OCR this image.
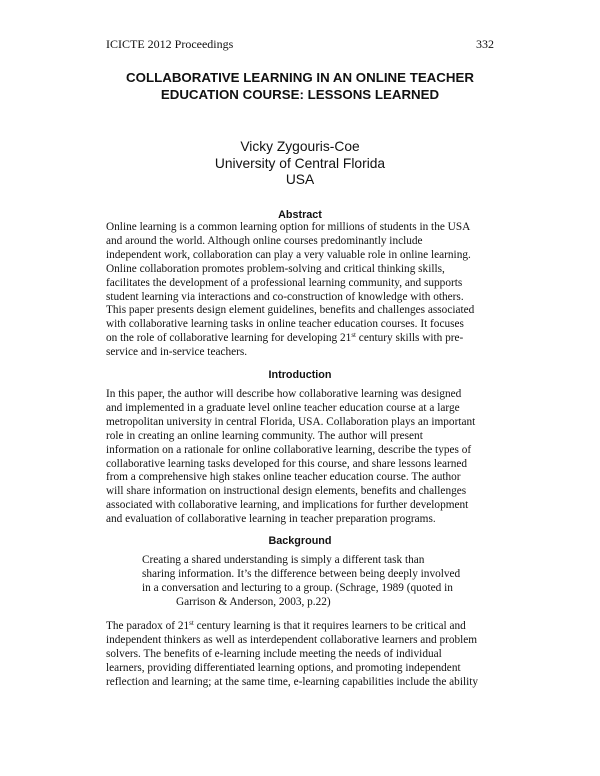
ICICTE 2012 Proceedings	332
COLLABORATIVE LEARNING IN AN ONLINE TEACHER
EDUCATION COURSE: LESSONS LEARNED
Vicky Zygouris-Coe
University of Central Florida
USA
Abstract
Online learning is a common learning option for millions of students in the USA
and around the world. Although online courses predominantly include
independent work, collaboration can play a very valuable role in online learning.
Online collaboration promotes problem-solving and critical thinking skills,
facilitates the development of a professional learning community, and supports
student learning via interactions and co-construction of knowledge with others.
This paper presents design element guidelines, benefits and challenges associated
with collaborative learning tasks in online teacher education courses. It focuses
on the role of collaborative learning for developing 21st century skills with pre-
service and in-service teachers.
Introduction
In this paper, the author will describe how collaborative learning was designed
and implemented in a graduate level online teacher education course at a large
metropolitan university in central Florida, USA. Collaboration plays an important
role in creating an online learning community. The author will present
information on a rationale for online collaborative learning, describe the types of
collaborative learning tasks developed for this course, and share lessons learned
from a comprehensive high stakes online teacher education course. The author
will share information on instructional design elements, benefits and challenges
associated with collaborative learning, and implications for further development
and evaluation of collaborative learning in teacher preparation programs.
Background
Creating a shared understanding is simply a different task than
sharing information. It’s the difference between being deeply involved
in a conversation and lecturing to a group. (Schrage, 1989 (quoted in
Garrison & Anderson, 2003, p.22)
The paradox of 21st century learning is that it requires learners to be critical and
independent thinkers as well as interdependent collaborative learners and problem
solvers. The benefits of e-learning include meeting the needs of individual
learners, providing differentiated learning options, and promoting independent
reflection and learning; at the same time, e-learning capabilities include the ability
